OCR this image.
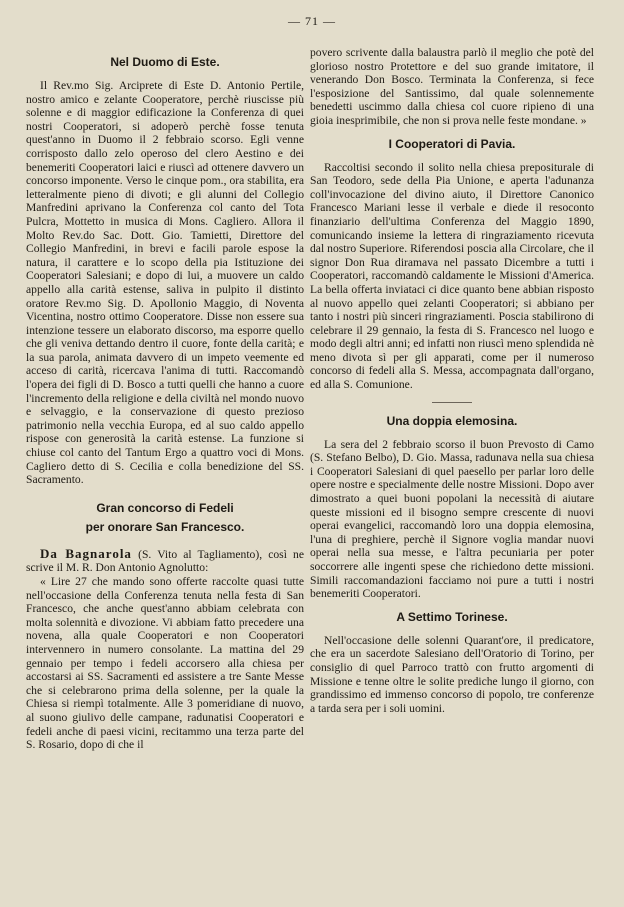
— 71 —
Nel Duomo di Este.

Il Rev.mo Sig. Arciprete di Este D. Antonio Pertile, nostro amico e zelante Cooperatore, perchè riuscisse più solenne e di maggior edificazione la Conferenza di quei nostri Cooperatori, si adoperò perchè fosse tenuta quest'anno in Duomo il 2 febbraio scorso. Egli venne corrisposto dallo zelo operoso del clero Aestino e dei benemeriti Cooperatori laici e riuscì ad ottenere davvero un concorso imponente. Verso le cinque pom., ora stabilita, era letteralmente pieno di divoti; e gli alunni del Collegio Manfredini aprivano la Conferenza col canto del Tota Pulcra, Mottetto in musica di Mons. Cagliero. Allora il Molto Rev.do Sac. Dott. Gio. Tamietti, Direttore del Collegio Manfredini, in brevi e facili parole espose la natura, il carattere e lo scopo della pia Istituzione dei Cooperatori Salesiani; e dopo di lui, a muovere un caldo appello alla carità estense, saliva in pulpito il distinto oratore Rev.mo Sig. D. Apollonio Maggio, di Noventa Vicentina, nostro ottimo Cooperatore. Disse non essere sua intenzione tessere un elaborato discorso, ma esporre quello che gli veniva dettando dentro il cuore, fonte della carità; e la sua parola, animata davvero di un impeto veemente ed acceso di carità, ricercava l'anima di tutti. Raccomandò l'opera dei figli di D. Bosco a tutti quelli che hanno a cuore l'incremento della religione e della civiltà nel mondo nuovo e selvaggio, e la conservazione di questo prezioso patrimonio nella vecchia Europa, ed al suo caldo appello rispose con generosità la carità estense. La funzione si chiuse col canto del Tantum Ergo a quattro voci di Mons. Cagliero detto di S. Cecilia e colla benedizione del SS. Sacramento.

Gran concorso di Fedeli
per onorare San Francesco.

Da Bagnarola (S. Vito al Tagliamento), così ne scrive il M. R. Don Antonio Agnolutto:

« Lire 27 che mando sono offerte raccolte quasi tutte nell'occasione della Conferenza tenuta nella festa di San Francesco, che anche quest'anno abbiam celebrata con molta solennità e divozione. Vi abbiam fatto precedere una novena, alla quale Cooperatori e non Cooperatori intervennero in numero consolante. La mattina del 29 gennaio per tempo i fedeli accorsero alla chiesa per accostarsi ai SS. Sacramenti ed assistere a tre Sante Messe che si celebrarono prima della solenne, per la quale la Chiesa si riempì totalmente. Alle 3 pomeridiane di nuovo, al suono giulivo delle campane, radunatisi Cooperatori e fedeli anche di paesi vicini, recitammo una terza parte del S. Rosario, dopo di che il

povero scrivente dalla balaustra parlò il meglio che potè del glorioso nostro Protettore e del suo grande imitatore, il venerando Don Bosco. Terminata la Conferenza, si fece l'esposizione del Santissimo, dal quale solennemente benedetti uscimmo dalla chiesa col cuore ripieno di una gioia inesprimibile, che non si prova nelle feste mondane. »

I Cooperatori di Pavia.

Raccoltisi secondo il solito nella chiesa prepositurale di San Teodoro, sede della Pia Unione, e aperta l'adunanza coll'invocazione del divino aiuto, il Direttore Canonico Francesco Mariani lesse il verbale e diede il resoconto finanziario dell'ultima Conferenza del Maggio 1890, comunicando insieme la lettera di ringraziamento ricevuta dal nostro Superiore. Riferendosi poscia alla Circolare, che il signor Don Rua diramava nel passato Dicembre a tutti i Cooperatori, raccomandò caldamente le Missioni d'America. La bella offerta inviataci ci dice quanto bene abbian risposto al nuovo appello quei zelanti Cooperatori; si abbiano per tanto i nostri più sinceri ringraziamenti. Poscia stabilirono di celebrare il 29 gennaio, la festa di S. Francesco nel luogo e modo degli altri anni; ed infatti non riuscì meno splendida nè meno divota sì per gli apparati, come per il numeroso concorso di fedeli alla S. Messa, accompagnata dall'organo, ed alla S. Comunione.

Una doppia elemosina.

La sera del 2 febbraio scorso il buon Prevosto di Camo (S. Stefano Belbo), D. Gio. Massa, radunava nella sua chiesa i Cooperatori Salesiani di quel paesello per parlar loro delle opere nostre e specialmente delle nostre Missioni. Dopo aver dimostrato a quei buoni popolani la necessità di aiutare queste missioni ed il bisogno sempre crescente di nuovi operai evangelici, raccomandò loro una doppia elemosina, l'una di preghiere, perchè il Signore voglia mandar nuovi operai nella sua messe, e l'altra pecuniaria per poter soccorrere alle ingenti spese che richiedono dette missioni. Simili raccomandazioni facciamo noi pure a tutti i nostri benemeriti Cooperatori.

A Settimo Torinese.

Nell'occasione delle solenni Quarant'ore, il predicatore, che era un sacerdote Salesiano dell'Oratorio di Torino, per consiglio di quel Parroco trattò con frutto argomenti di Missione e tenne oltre le solite prediche lungo il giorno, con grandissimo ed immenso concorso di popolo, tre conferenze a tarda sera per i soli uomini.
